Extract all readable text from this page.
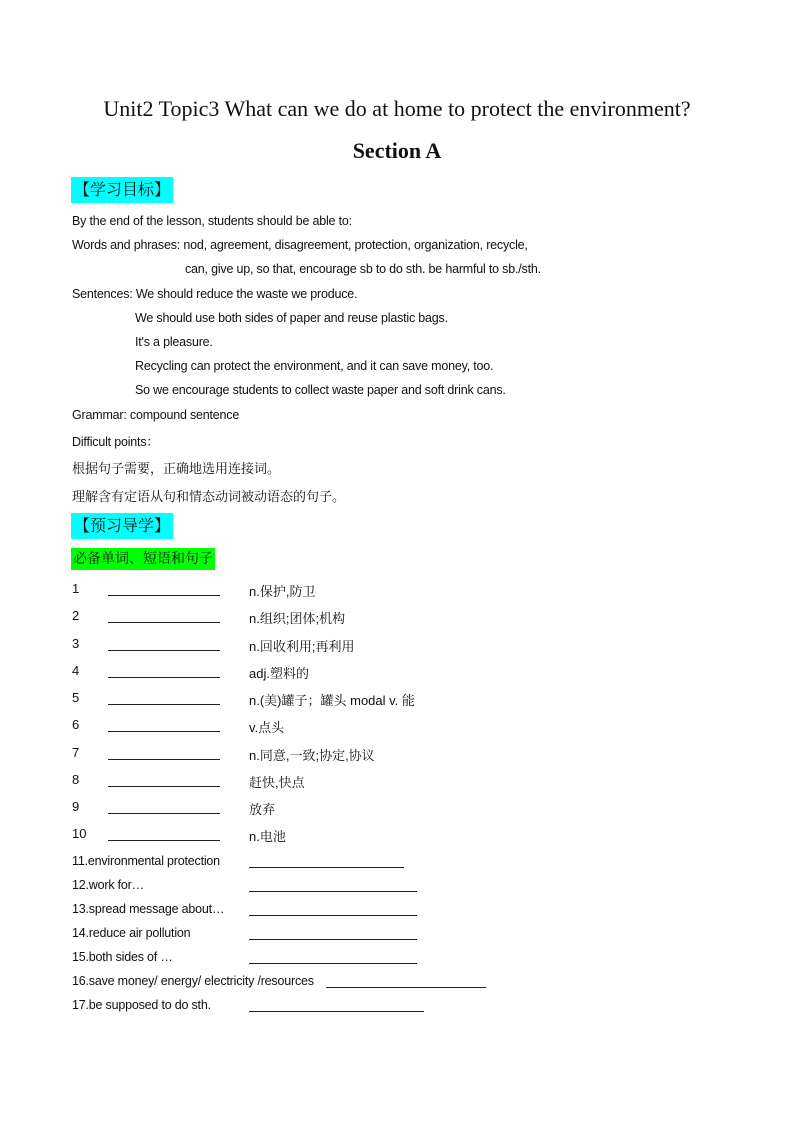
Unit2 Topic3 What can we do at home to protect the environment?
Section A
【学习目标】
By the end of the lesson, students should be able to:
Words and phrases: nod, agreement, disagreement, protection, organization, recycle,
can, give up, so that, encourage sb to do sth. be harmful to sb./sth.
Sentences: We should reduce the waste we produce.
We should use both sides of paper and reuse plastic bags.
It's a pleasure.
Recycling can protect the environment, and it can save money, too.
So we encourage students to collect waste paper and soft drink cans.
Grammar: compound sentence
Difficult points：
根据句子需要，正确地选用连接词。
理解含有定语从句和情态动词被动语态的句子。
【预习导学】
必备单词、短语和句子
1	n.保护,防卫
2	n.组织;团体;机构
3	n.回收利用;再利用
4	adj.塑料的
5	n.(美)罐子；罐头 modal v. 能
6	v.点头
7	n.同意,一致;协定,协议
8	赶快,快点
9	放弃
10	n.电池
11.environmental protection
12.work for…
13.spread message about…
14.reduce air pollution
15.both sides of …
16.save money/ energy/ electricity /resources
17.be supposed to do sth.
